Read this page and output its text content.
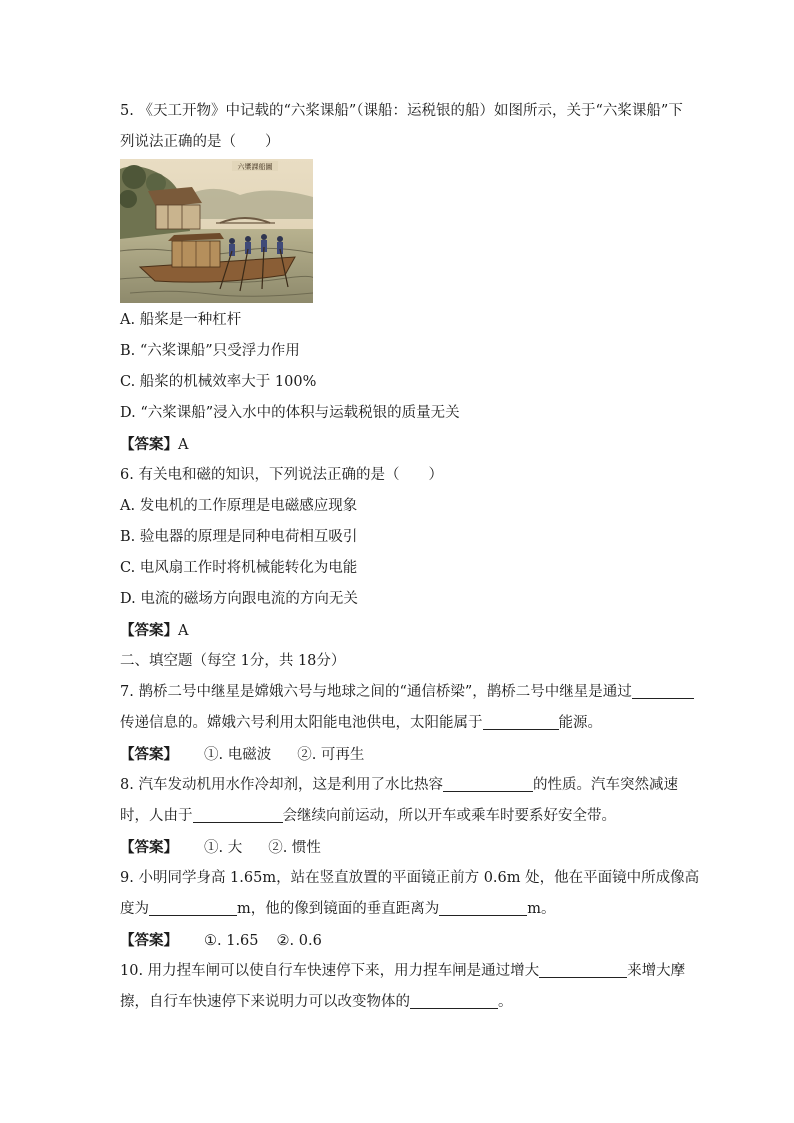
5. 《天工开物》中记载的“六桨课船”（课船：运税银的船）如图所示，关于“六桨课船”下
列说法正确的是（　　）
六槳課船圖
A. 船桨是一种杠杆
B. “六桨课船”只受浮力作用
C. 船桨的机械效率大于 100%
D. “六桨课船”浸入水中的体积与运载税银的质量无关
【答案】A
6. 有关电和磁的知识，下列说法正确的是（　　）
A. 发电机的工作原理是电磁感应现象
B. 验电器的原理是同种电荷相互吸引
C. 电风扇工作时将机械能转化为电能
D. 电流的磁场方向跟电流的方向无关
【答案】A
二、填空题（每空 1分，共 18分）
7. 鹊桥二号中继星是嫦娥六号与地球之间的“通信桥梁”，鹊桥二号中继星是通过
传递信息的。嫦娥六号利用太阳能电池供电，太阳能属于	能源。
【答案】 ①. 电磁波 ②. 可再生
8. 汽车发动机用水作冷却剂，这是利用了水比热容	的性质。汽车突然减速
时，人由于	会继续向前运动，所以开车或乘车时要系好安全带。
【答案】 ①. 大 ②. 惯性
9. 小明同学身高 1.65m，站在竖直放置的平面镜正前方 0.6m 处，他在平面镜中所成像高
度为	m，他的像到镜面的垂直距离为	m。
【答案】 ①. 1.65 ②. 0.6
10. 用力捏车闸可以使自行车快速停下来，用力捏车闸是通过增大	来增大摩
擦，自行车快速停下来说明力可以改变物体的	。
